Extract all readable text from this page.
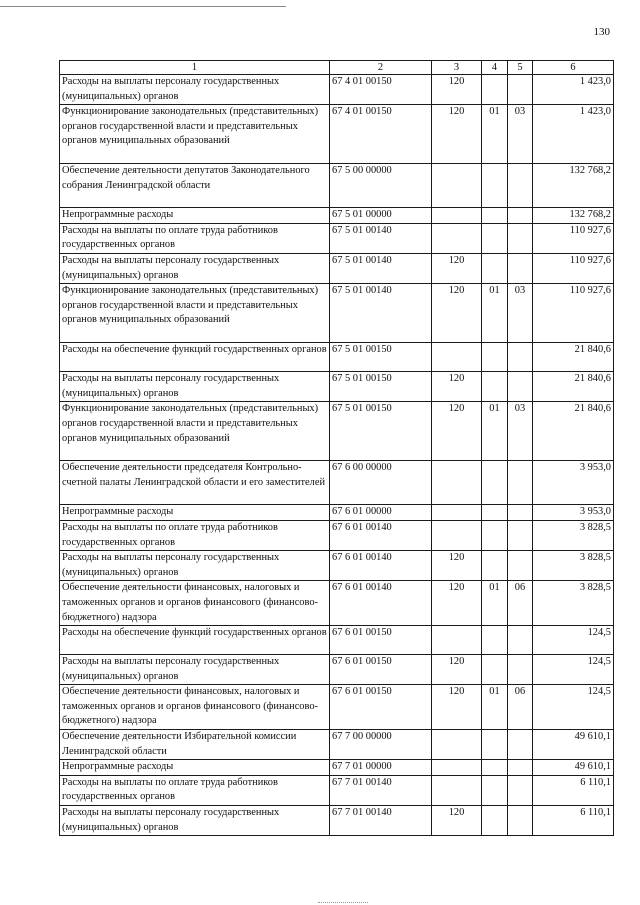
130
1	2	3	4	5	6
Расходы на выплаты персоналу государственных (муниципальных) органов	67 4 01 00150	120			1 423,0
Функционирование законодательных (представительных) органов государственной власти и представительных органов муниципальных образований	67 4 01 00150	120	01	03	1 423,0
Обеспечение деятельности депутатов Законодательного собрания Ленинградской области	67 5 00 00000				132 768,2
Непрограммные расходы	67 5 01 00000				132 768,2
Расходы на выплаты по оплате труда работников государственных органов	67 5 01 00140				110 927,6
Расходы на выплаты персоналу государственных (муниципальных) органов	67 5 01 00140	120			110 927,6
Функционирование законодательных (представительных) органов государственной власти и представительных органов муниципальных образований	67 5 01 00140	120	01	03	110 927,6
Расходы на обеспечение функций государственных органов	67 5 01 00150				21 840,6
Расходы на выплаты персоналу государственных (муниципальных) органов	67 5 01 00150	120			21 840,6
Функционирование законодательных (представительных) органов государственной власти и представительных органов муниципальных образований	67 5 01 00150	120	01	03	21 840,6
Обеспечение деятельности председателя Контрольно-счетной палаты Ленинградской области и его заместителей	67 6 00 00000				3 953,0
Непрограммные расходы	67 6 01 00000				3 953,0
Расходы на выплаты по оплате труда работников государственных органов	67 6 01 00140				3 828,5
Расходы на выплаты персоналу государственных (муниципальных) органов	67 6 01 00140	120			3 828,5
Обеспечение деятельности финансовых, налоговых и таможенных органов и органов финансового (финансово-бюджетного) надзора	67 6 01 00140	120	01	06	3 828,5
Расходы на обеспечение функций государственных органов	67 6 01 00150				124,5
Расходы на выплаты персоналу государственных (муниципальных) органов	67 6 01 00150	120			124,5
Обеспечение деятельности финансовых, налоговых и таможенных органов и органов финансового (финансово-бюджетного) надзора	67 6 01 00150	120	01	06	124,5
Обеспечение деятельности Избирательной комиссии Ленинградской области	67 7 00 00000				49 610,1
Непрограммные расходы	67 7 01 00000				49 610,1
Расходы на выплаты по оплате труда работников государственных органов	67 7 01 00140				6 110,1
Расходы на выплаты персоналу государственных (муниципальных) органов	67 7 01 00140	120			6 110,1
